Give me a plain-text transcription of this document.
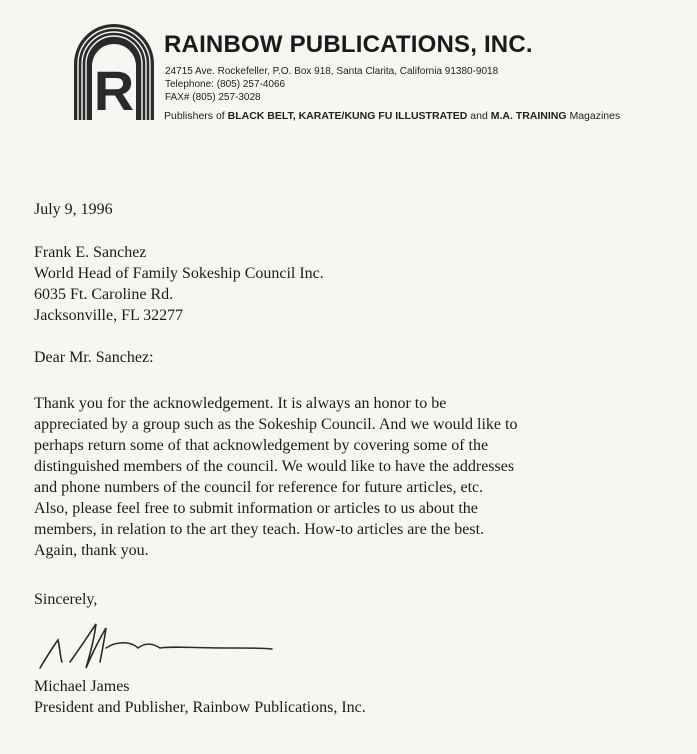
R
RAINBOW PUBLICATIONS, INC.
24715 Ave. Rockefeller, P.O. Box 918, Santa Clarita, California 91380-9018
Telephone: (805) 257-4066
FAX# (805) 257-3028
Publishers of BLACK BELT, KARATE/KUNG FU ILLUSTRATED and M.A. TRAINING Magazines
July 9, 1996
Frank E. Sanchez
World Head of Family Sokeship Council Inc.
6035 Ft. Caroline Rd.
Jacksonville, FL 32277
Dear Mr. Sanchez:
Thank you for the acknowledgement. It is always an honor to be
appreciated by a group such as the Sokeship Council. And we would like to
perhaps return some of that acknowledgement by covering some of the
distinguished members of the council. We would like to have the addresses
and phone numbers of the council for reference for future articles, etc.
Also, please feel free to submit information or articles to us about the
members, in relation to the art they teach. How-to articles are the best.
Again, thank you.
Sincerely,
Michael James
President and Publisher, Rainbow Publications, Inc.
